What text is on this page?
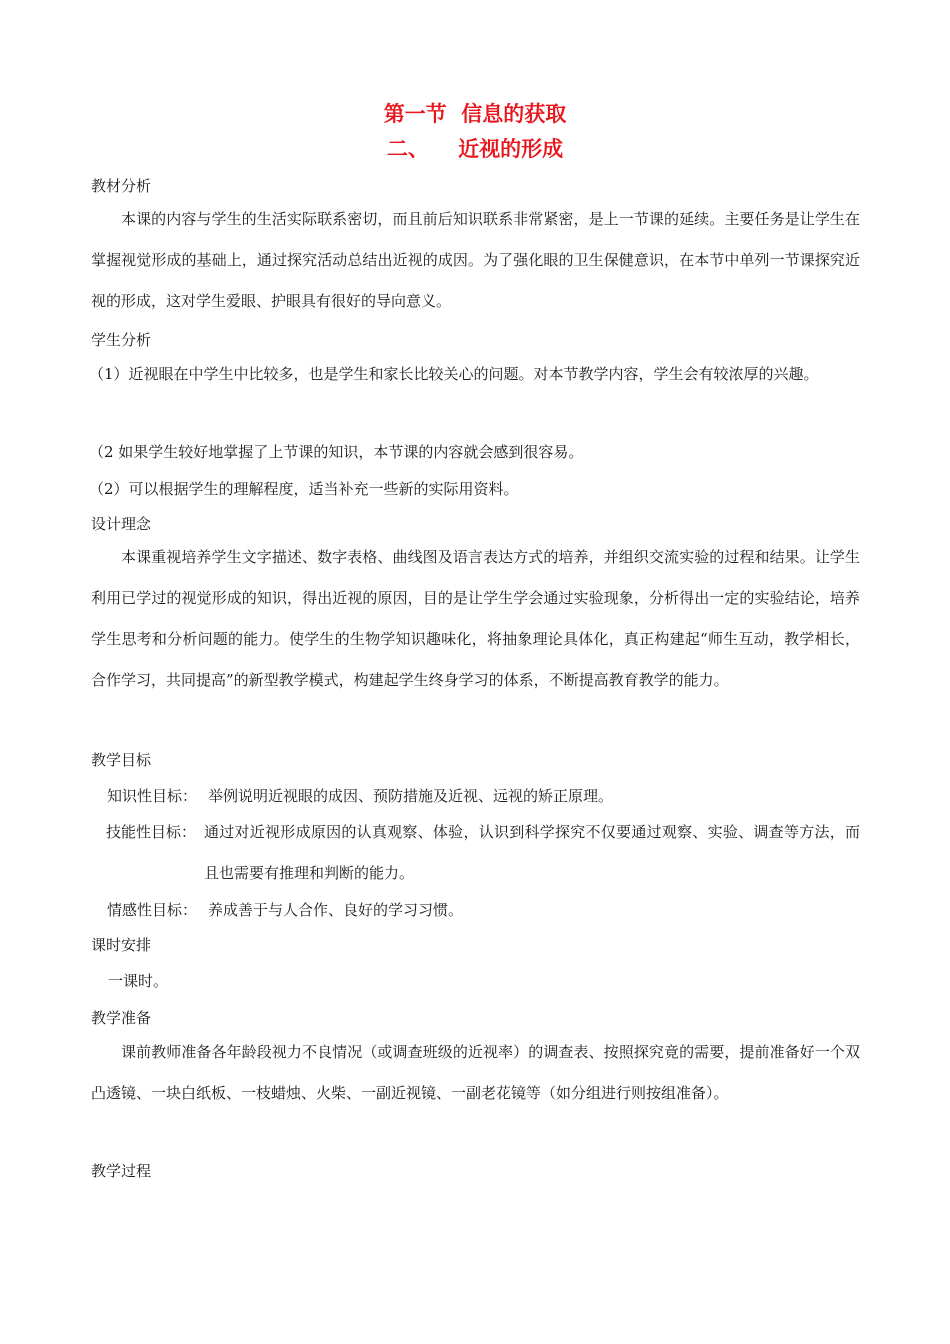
第一节  信息的获取
二、    近视的形成
教材分析
本课的内容与学生的生活实际联系密切，而且前后知识联系非常紧密，是上一节课的延续。主要任务是让学生在掌握视觉形成的基础上，通过探究活动总结出近视的成因。为了强化眼的卫生保健意识，在本节中单列一节课探究近视的形成，这对学生爱眼、护眼具有很好的导向意义。
学生分析
（1）近视眼在中学生中比较多，也是学生和家长比较关心的问题。对本节教学内容，学生会有较浓厚的兴趣。
（2 如果学生较好地掌握了上节课的知识，本节课的内容就会感到很容易。
（2）可以根据学生的理解程度，适当补充一些新的实际用资料。
设计理念
本课重视培养学生文字描述、数字表格、曲线图及语言表达方式的培养，并组织交流实验的过程和结果。让学生利用已学过的视觉形成的知识，得出近视的原因，目的是让学生学会通过实验现象，分析得出一定的实验结论，培养学生思考和分析问题的能力。使学生的生物学知识趣味化，将抽象理论具体化，真正构建起“师生互动，教学相长，合作学习，共同提高”的新型教学模式，构建起学生终身学习的体系，不断提高教育教学的能力。
教学目标
知识性目标： 举例说明近视眼的成因、预防措施及近视、远视的矫正原理。
技能性目标： 通过对近视形成原因的认真观察、体验，认识到科学探究不仅要通过观察、实验、调查等方法，而且也需要有推理和判断的能力。
情感性目标： 养成善于与人合作、良好的学习习惯。
课时安排
一课时。
教学准备
课前教师准备各年龄段视力不良情况（或调查班级的近视率）的调查表、按照探究竟的需要，提前准备好一个双凸透镜、一块白纸板、一枝蜡烛、火柴、一副近视镜、一副老花镜等（如分组进行则按组准备）。
教学过程
